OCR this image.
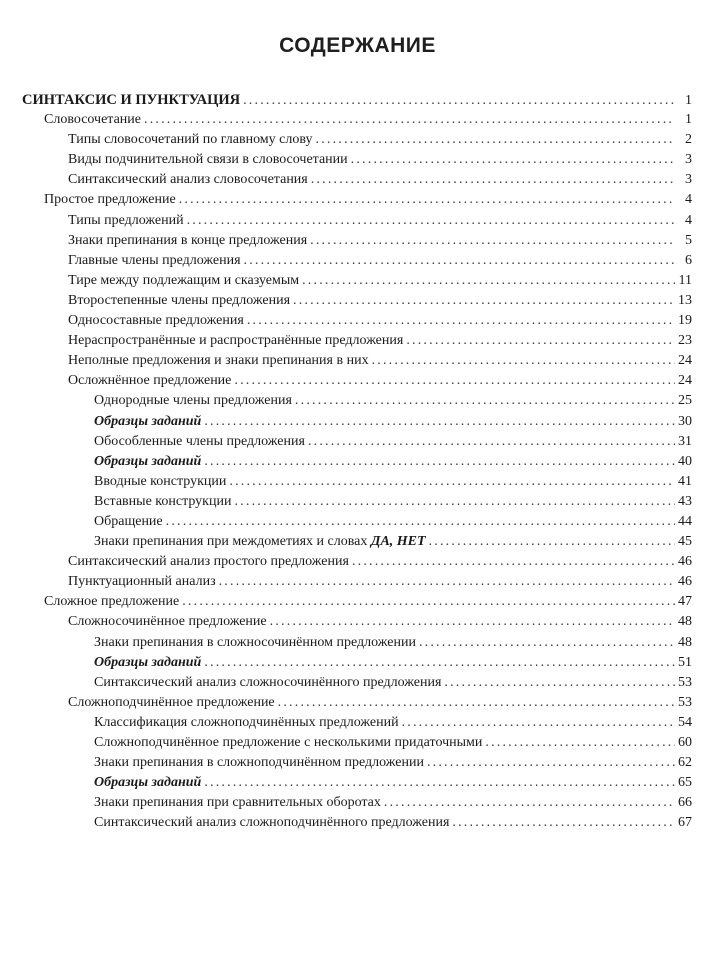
СОДЕРЖАНИЕ
СИНТАКСИС И ПУНКТУАЦИЯ .....	1
Словосочетание .....	1
Типы словосочетаний по главному слову .....	2
Виды подчинительной связи в словосочетании .....	3
Синтаксический анализ словосочетания .....	3
Простое предложение .....	4
Типы предложений .....	4
Знаки препинания в конце предложения .....	5
Главные члены предложения .....	6
Тире между подлежащим и сказуемым .....	11
Второстепенные члены предложения .....	13
Односоставные предложения .....	19
Нераспространённые и распространённые предложения .....	23
Неполные предложения и знаки препинания в них .....	24
Осложнённое предложение .....	24
Однородные члены предложения .....	25
Образцы заданий .....	30
Обособленные члены предложения .....	31
Образцы заданий .....	40
Вводные конструкции .....	41
Вставные конструкции .....	43
Обращение .....	44
Знаки препинания при междометиях и словах ДА, НЕТ .....	45
Синтаксический анализ простого предложения .....	46
Пунктуационный анализ .....	46
Сложное предложение .....	47
Сложносочинённое предложение .....	48
Знаки препинания в сложносочинённом предложении .....	48
Образцы заданий .....	51
Синтаксический анализ сложносочинённого предложения .....	53
Сложноподчинённое предложение .....	53
Классификация сложноподчинённых предложений .....	54
Сложноподчинённое предложение с несколькими придаточными .....	60
Знаки препинания в сложноподчинённом предложении .....	62
Образцы заданий .....	65
Знаки препинания при сравнительных оборотах .....	66
Синтаксический анализ сложноподчинённого предложения .....	67
